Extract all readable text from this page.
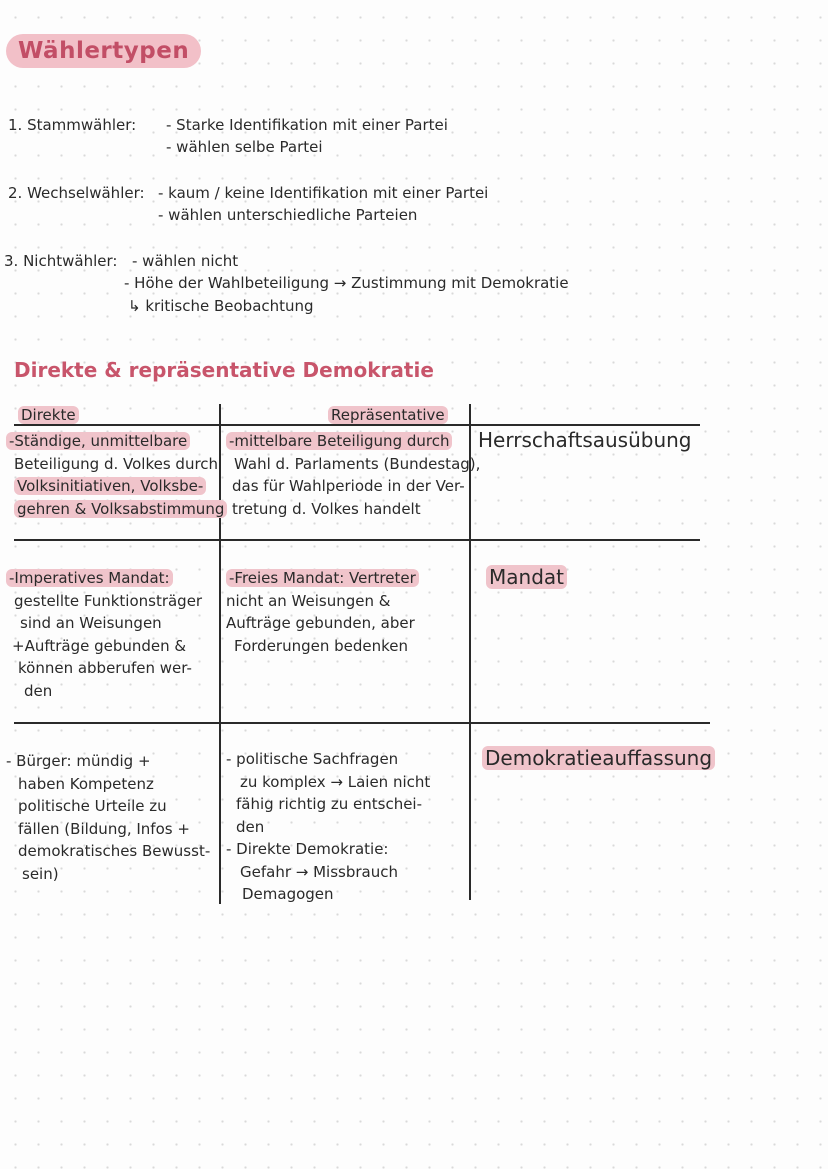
Wählertypen
1. Stammwähler: - Starke Identifikation mit einer Partei
- wählen selbe Partei
2. Wechselwähler: - kaum / keine Identifikation mit einer Partei
- wählen unterschiedliche Parteien
3. Nichtwähler: - wählen nicht
- Höhe der Wahlbeteiligung → Zustimmung mit Demokratie
↳ kritische Beobachtung
Direkte & repräsentative Demokratie
Direkte	Repräsentative
-Ständige, unmittelbare
Beteiligung d. Volkes durch
Volksinitiativen, Volksbe-
gehren & Volksabstimmung
-mittelbare Beteiligung durch
Wahl d. Parlaments (Bundestag),
das für Wahlperiode in der Ver-
tretung d. Volkes handelt
Herrschaftsausübung
-Imperatives Mandat:
gestellte Funktionsträger
sind an Weisungen
+Aufträge gebunden &
können abberufen wer-
den
-Freies Mandat: Vertreter
nicht an Weisungen &
Aufträge gebunden, aber
Forderungen bedenken
Mandat
- Bürger: mündig +
haben Kompetenz
politische Urteile zu
fällen (Bildung, Infos +
demokratisches Bewusst-
sein)
- politische Sachfragen
zu komplex → Laien nicht
fähig richtig zu entschei-
den
- Direkte Demokratie:
Gefahr → Missbrauch
Demagogen
Demokratieauffassung
